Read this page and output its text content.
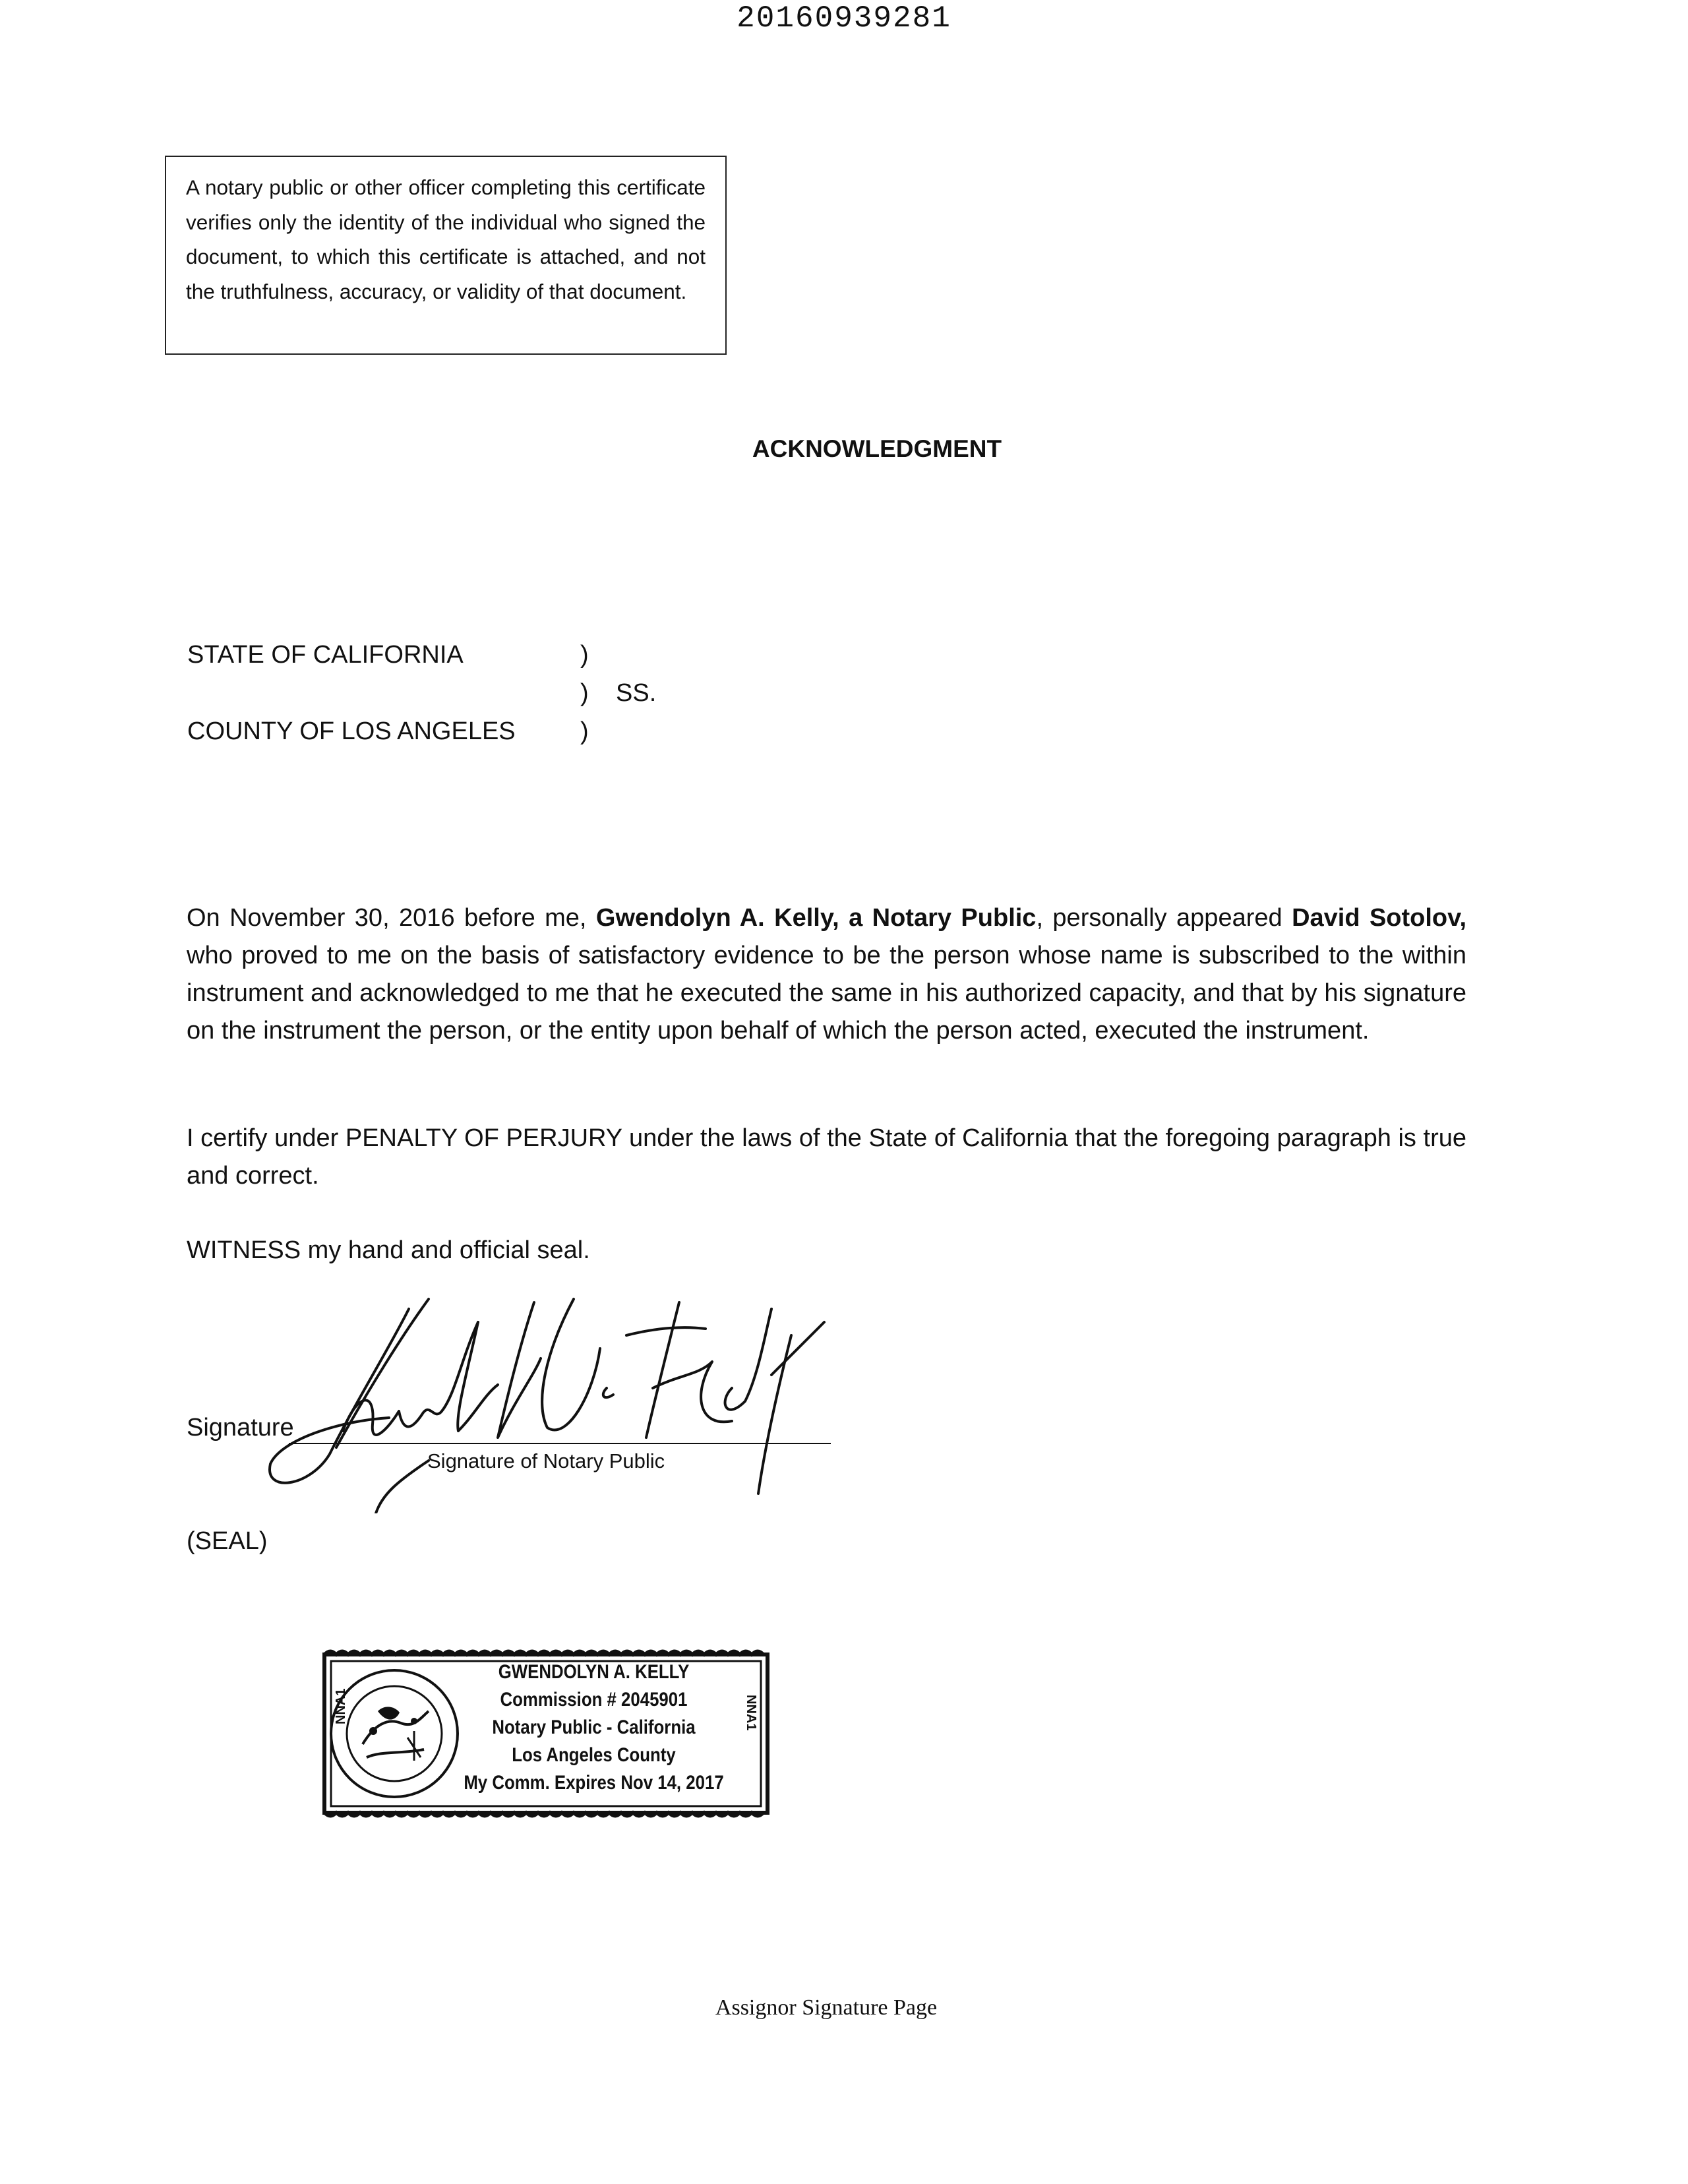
20160939281

A notary public or other officer completing this certificate verifies only the identity of the individual who signed the document, to which this certificate is attached, and not the truthfulness, accuracy, or validity of that document.

ACKNOWLEDGMENT
STATE OF CALIFORNIA
COUNTY OF LOS ANGELES
)
)
)
SS.

On November 30, 2016 before me, Gwendolyn A. Kelly, a Notary Public, personally appeared David Sotolov, who proved to me on the basis of satisfactory evidence to be the person whose name is subscribed to the within instrument and acknowledged to me that he executed the same in his authorized capacity, and that by his signature on the instrument the person, or the entity upon behalf of which the person acted, executed the instrument.

I certify under PENALTY OF PERJURY under the laws of the State of California that the foregoing paragraph is true and correct.

WITNESS my hand and official seal.

Signature
Signature of Notary Public
(SEAL)
NNA1	NNA1
GWENDOLYN A. KELLY
Commission # 2045901
Notary Public - California
Los Angeles County
My Comm. Expires Nov 14, 2017
Assignor Signature Page
